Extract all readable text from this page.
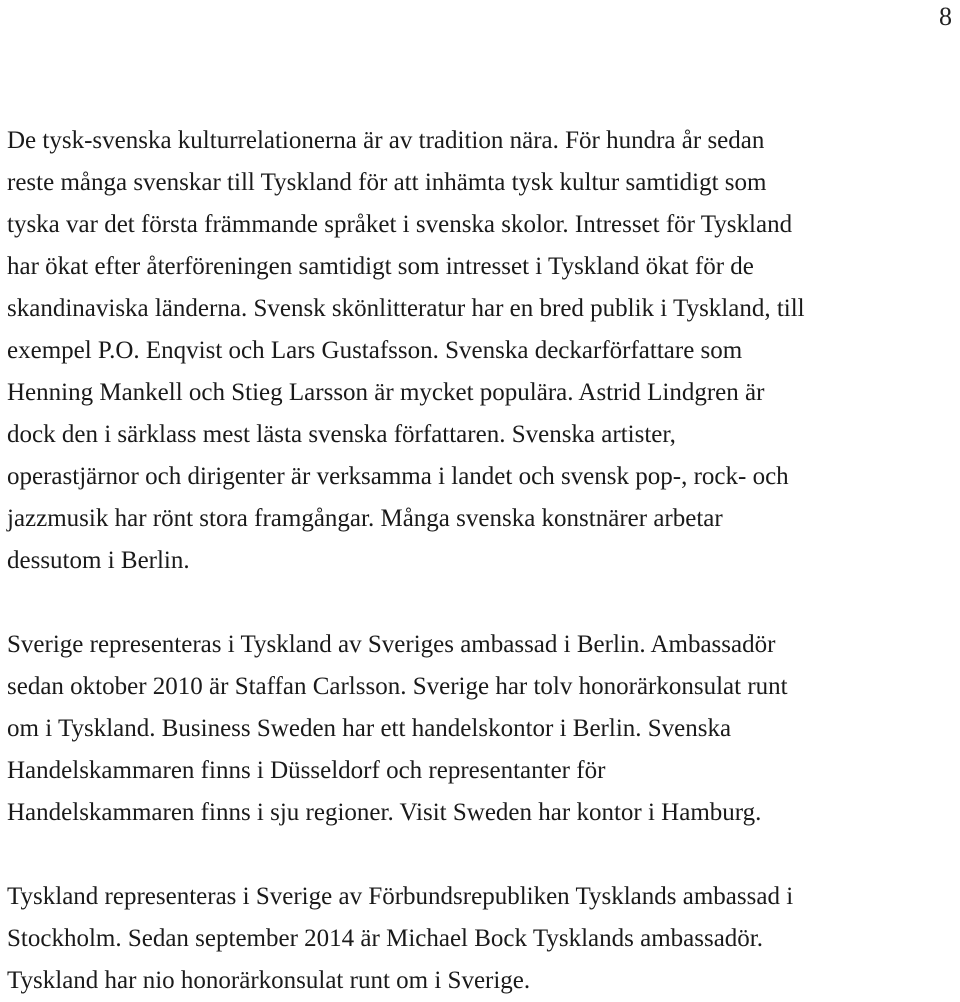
8

De tysk-svenska kulturrelationerna är av tradition nära. För hundra år sedan
reste många svenskar till Tyskland för att inhämta tysk kultur samtidigt som
tyska var det första främmande språket i svenska skolor. Intresset för Tyskland
har ökat efter återföreningen samtidigt som intresset i Tyskland ökat för de
skandinaviska länderna. Svensk skönlitteratur har en bred publik i Tyskland, till
exempel P.O. Enqvist och Lars Gustafsson. Svenska deckarförfattare som
Henning Mankell och Stieg Larsson är mycket populära. Astrid Lindgren är
dock den i särklass mest lästa svenska författaren. Svenska artister,
operastjärnor och dirigenter är verksamma i landet och svensk pop-, rock- och
jazzmusik har rönt stora framgångar. Många svenska konstnärer arbetar
dessutom i Berlin.

Sverige representeras i Tyskland av Sveriges ambassad i Berlin. Ambassadör
sedan oktober 2010 är Staffan Carlsson. Sverige har tolv honorärkonsulat runt
om i Tyskland. Business Sweden har ett handelskontor i Berlin. Svenska
Handelskammaren finns i Düsseldorf och representanter för
Handelskammaren finns i sju regioner. Visit Sweden har kontor i Hamburg.

Tyskland representeras i Sverige av Förbundsrepubliken Tysklands ambassad i
Stockholm. Sedan september 2014 är Michael Bock Tysklands ambassadör.
Tyskland har nio honorärkonsulat runt om i Sverige.
